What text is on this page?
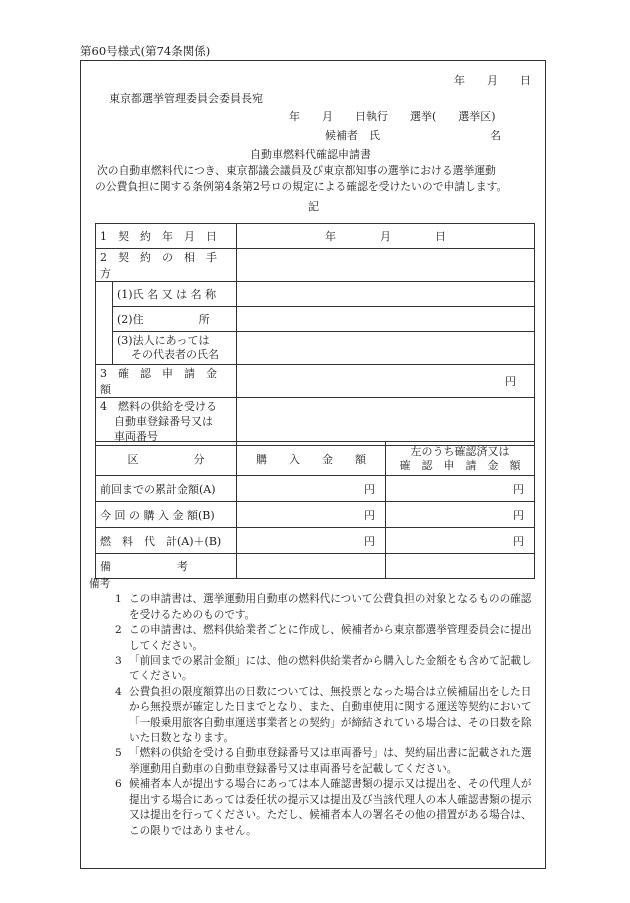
第60号様式(第74条関係)
年　　月　　日
東京都選挙管理委員会委員長宛
年　　月　　日執行　　選挙(　　選挙区)
候補者　氏　　　　　　　　　　名
自動車燃料代確認申請書
次の自動車燃料代につき、東京都議会議員及び東京都知事の選挙における選挙運動
の公費負担に関する条例第4条第2号ロの規定による確認を受けたいので申請します。
記
1　契　約　年　月　日		年　　　　月　　　　日
2　契　約　の　相　手　方		
	(1)氏 名 又 は 名 称	
	(2)住　　　　　所	

	(3)法人にあっては
その代表者の氏名	

3　確　認　申　請　金　額		円

4　燃料の供給を受ける
自動車登録番号又は
車両番号		

区　　　　　分	購　　入　　金　　額	左のうち確認済又は
確　認　申　請　金　額

前回までの累計金額(A)	円	円
今 回 の 購 入 金 額(B)	円	円
燃　料　代　計(A)＋(B)	円	円
備　　　　　　考		
備考
1 この申請書は、選挙運動用自動車の燃料代について公費負担の対象となるものの確認を受けるためのものです。
2 この申請書は、燃料供給業者ごとに作成し、候補者から東京都選挙管理委員会に提出してください。
3 「前回までの累計金額」には、他の燃料供給業者から購入した金額をも含めて記載してください。
4 公費負担の限度額算出の日数については、無投票となった場合は立候補届出をした日から無投票が確定した日までとなり、また、自動車使用に関する運送等契約において「一般乗用旅客自動車運送事業者との契約」が締結されている場合は、その日数を除いた日数となります。
5 「燃料の供給を受ける自動車登録番号又は車両番号」は、契約届出書に記載された選挙運動用自動車の自動車登録番号又は車両番号を記載してください。
6 候補者本人が提出する場合にあっては本人確認書類の提示又は提出を、その代理人が提出する場合にあっては委任状の提示又は提出及び当該代理人の本人確認書類の提示又は提出を行ってください。ただし、候補者本人の署名その他の措置がある場合は、この限りではありません。
